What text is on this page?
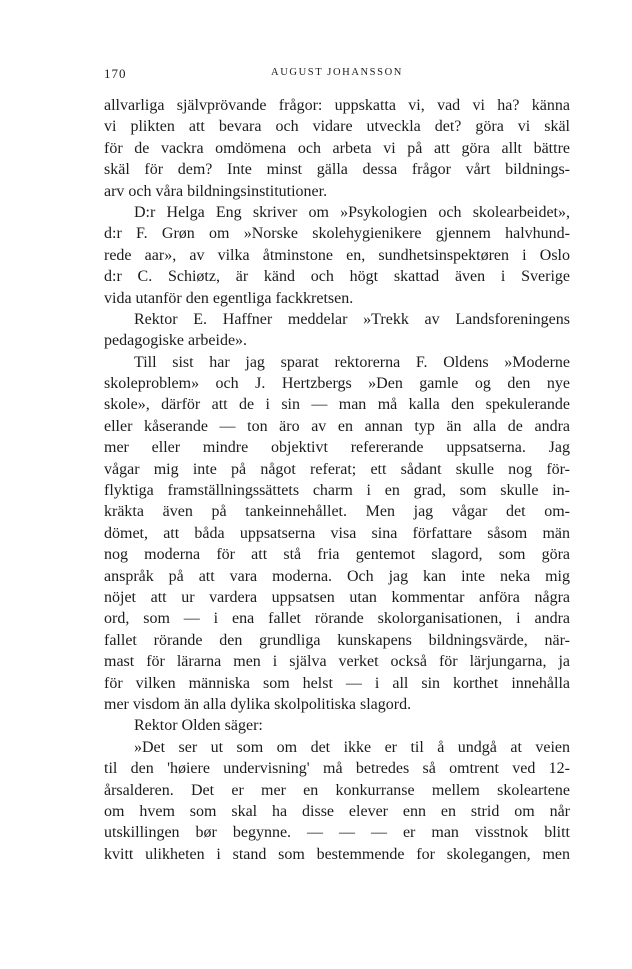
170	AUGUST JOHANSSON
allvarliga självprövande frågor: uppskatta vi, vad vi ha? känna
vi plikten att bevara och vidare utveckla det? göra vi skäl
för de vackra omdömena och arbeta vi på att göra allt bättre
skäl för dem? Inte minst gälla dessa frågor vårt bildnings-
arv och våra bildningsinstitutioner.
D:r Helga Eng skriver om »Psykologien och skolearbeidet»,
d:r F. Grøn om »Norske skolehygienikere gjennem halvhund-
rede aar», av vilka åtminstone en, sundhetsinspektøren i Oslo
d:r C. Schiøtz, är känd och högt skattad även i Sverige
vida utanför den egentliga fackkretsen.
Rektor E. Haffner meddelar »Trekk av Landsforeningens
pedagogiske arbeide».
Till sist har jag sparat rektorerna F. Oldens »Moderne
skoleproblem» och J. Hertzbergs »Den gamle og den nye
skole», därför att de i sin — man må kalla den spekulerande
eller kåserande — ton äro av en annan typ än alla de andra
mer eller mindre objektivt refererande uppsatserna. Jag
vågar mig inte på något referat; ett sådant skulle nog för-
flyktiga framställningssättets charm i en grad, som skulle in-
kräkta även på tankeinnehållet. Men jag vågar det om-
dömet, att båda uppsatserna visa sina författare såsom män
nog moderna för att stå fria gentemot slagord, som göra
anspråk på att vara moderna. Och jag kan inte neka mig
nöjet att ur vardera uppsatsen utan kommentar anföra några
ord, som — i ena fallet rörande skolorganisationen, i andra
fallet rörande den grundliga kunskapens bildningsvärde, när-
mast för lärarna men i själva verket också för lärjungarna, ja
för vilken människa som helst — i all sin korthet innehålla
mer visdom än alla dylika skolpolitiska slagord.
Rektor Olden säger:
»Det ser ut som om det ikke er til å undgå at veien
til den 'høiere undervisning' må betredes så omtrent ved 12-
årsalderen. Det er mer en konkurranse mellem skoleartene
om hvem som skal ha disse elever enn en strid om når
utskillingen bør begynne. — — — er man visstnok blitt
kvitt ulikheten i stand som bestemmende for skolegangen, men
